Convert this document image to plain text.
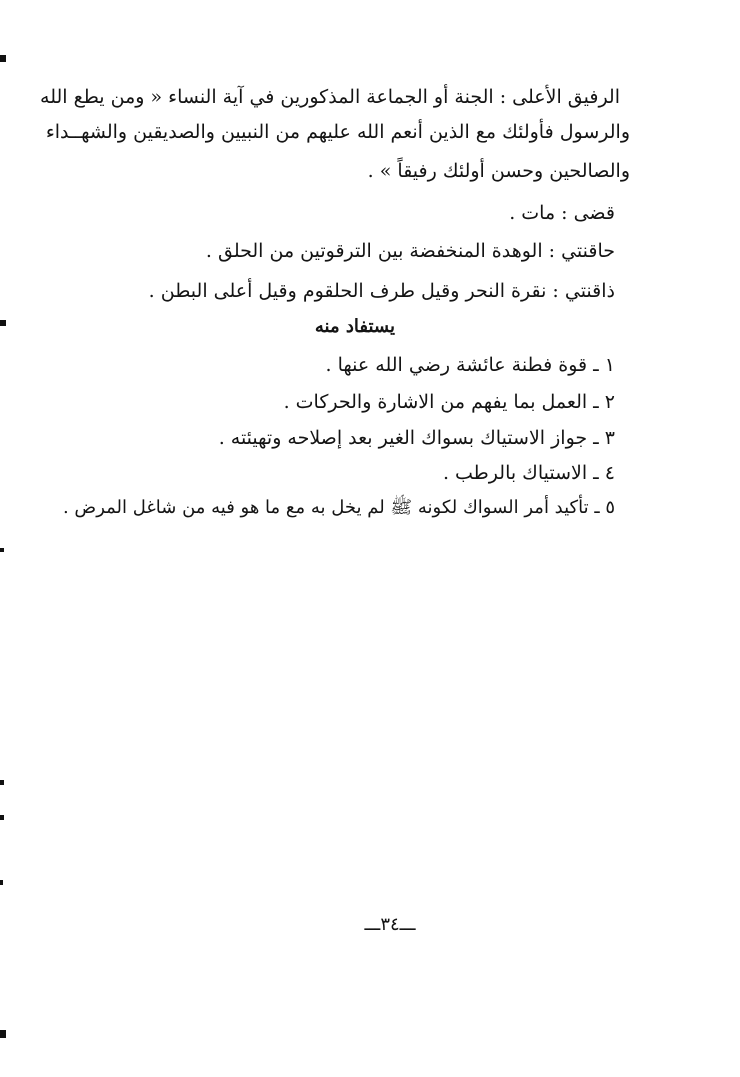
الرفيق الأعلى : الجنة أو الجماعة المذكورين في آية النساء « ومن يطع الله
والرسول فأولئك مع الذين أنعم الله عليهم من النبيين والصديقين والشهــداء
والصالحين وحسن أولئك رفيقاً » .
قضى : مات .
حاقنتي : الوهدة المنخفضة بين الترقوتين من الحلق .
ذاقنتي : نقرة النحر وقيل طرف الحلقوم وقيل أعلى البطن .
يستفاد منه
١ ـ قوة فطنة عائشة رضي الله عنها .
٢ ـ العمل بما يفهم من الاشارة والحركات .
٣ ـ جواز الاستياك بسواك الغير بعد إصلاحه وتهيئته .
٤ ـ الاستياك بالرطب .
٥ ـ تأكيد أمر السواك لكونه ﷺ لم يخل به مع ما هو فيه من شاغل المرض .
ـــ٣٤ـــ
